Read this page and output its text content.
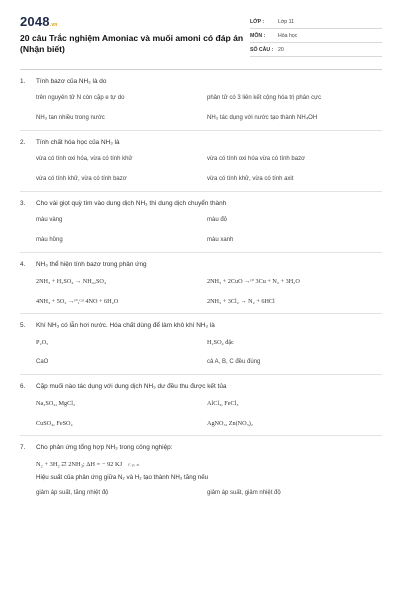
2048.vn
20 câu Trắc nghiệm Amoniac và muối amoni có đáp án (Nhận biết)
LỚP :	Lớp 11
MÔN :	Hóa học
SỐ CÂU : 20
1.	Tính bazơ của NH₃ là do
trên nguyên tử N còn cặp e tự do	phân tử có 3 liên kết cộng hóa trị phân cực
NH₃ tan nhiều trong nước	NH₃ tác dụng với nước tạo thành NH₄OH
2.	Tính chất hóa học của NH₃ là
vừa có tính oxi hóa, vừa có tính khử	vừa có tính oxi hóa vừa có tính bazơ
vừa có tính khử, vừa có tính bazơ	vừa có tính khử, vừa có tính axit
3.	Cho vài giọt quỳ tím vào dung dịch NH₃ thì dung dịch chuyển thành
màu vàng	màu đỏ
màu hồng	màu xanh
4.	NH₃ thể hiện tính bazơ trong phản ứng
2NH₃ + H₂SO₄ → NH₄₂SO₄	2NH₃ + 2CuO →ᵗ° 3Cu + N₂ + 3H₂O
4NH₃ + 5O₂ →ᵗ°,ᶜᵃᵗ 4NO + 6H₂O	2NH₃ + 3Cl₂ → N₂ + 6HCl
5.	Khí NH₃ có lẫn hơi nước. Hóa chất dùng để làm khô khí NH₃ là
P₂O₅	H₂SO₄ đặc
CaO	cả A, B, C đều đúng
6.	Cặp muối nào tác dụng với dung dịch NH₃ dư đều thu được kết tủa
Na₂SO₄, MgCl₂	AlCl₃, FeCl₃
CuSO₄, FeSO₄	AgNO₃, Zn(NO₃)₂
7.	Cho phản ứng tổng hợp NH₃ trong công nghiệp:
N₂ + 3H₂ ⇄ 2NH₃; ΔH = − 92 KJ t°, p, xt
Hiệu suất của phản ứng giữa N₂ và H₂ tạo thành NH₃ tăng nếu
giảm áp suất, tăng nhiệt độ	giảm áp suất, giảm nhiệt độ
